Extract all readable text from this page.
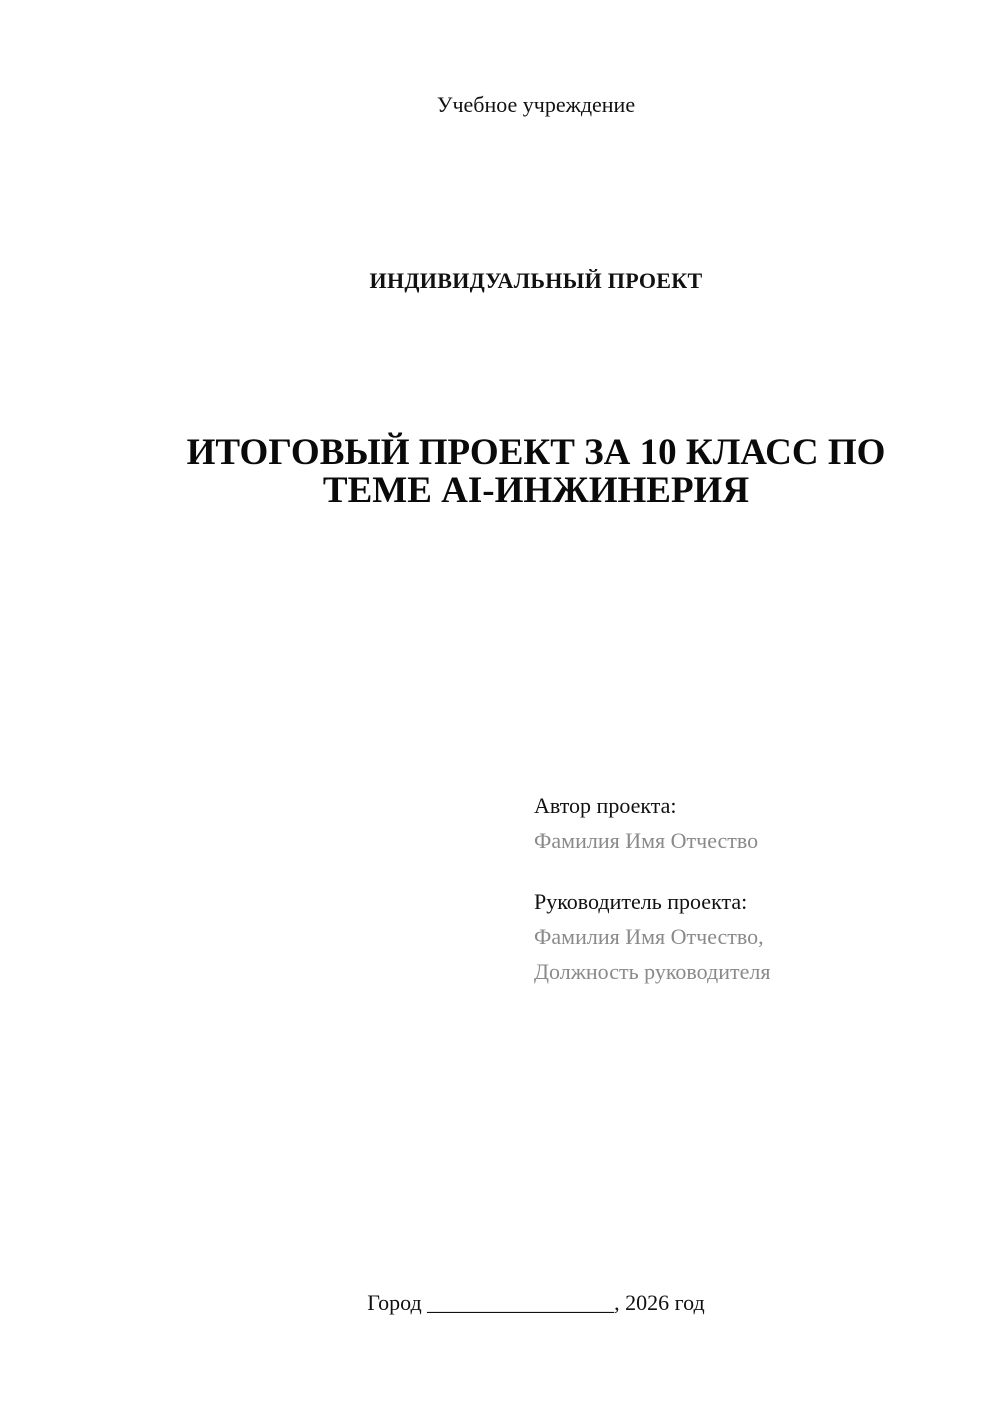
Учебное учреждение
ИНДИВИДУАЛЬНЫЙ ПРОЕКТ
ИТОГОВЫЙ ПРОЕКТ ЗА 10 КЛАСС ПО
ТЕМЕ AI-ИНЖИНЕРИЯ
Автор проекта:
Фамилия Имя Отчество
Руководитель проекта:
Фамилия Имя Отчество,
Должность руководителя
Город _________________, 2026 год
